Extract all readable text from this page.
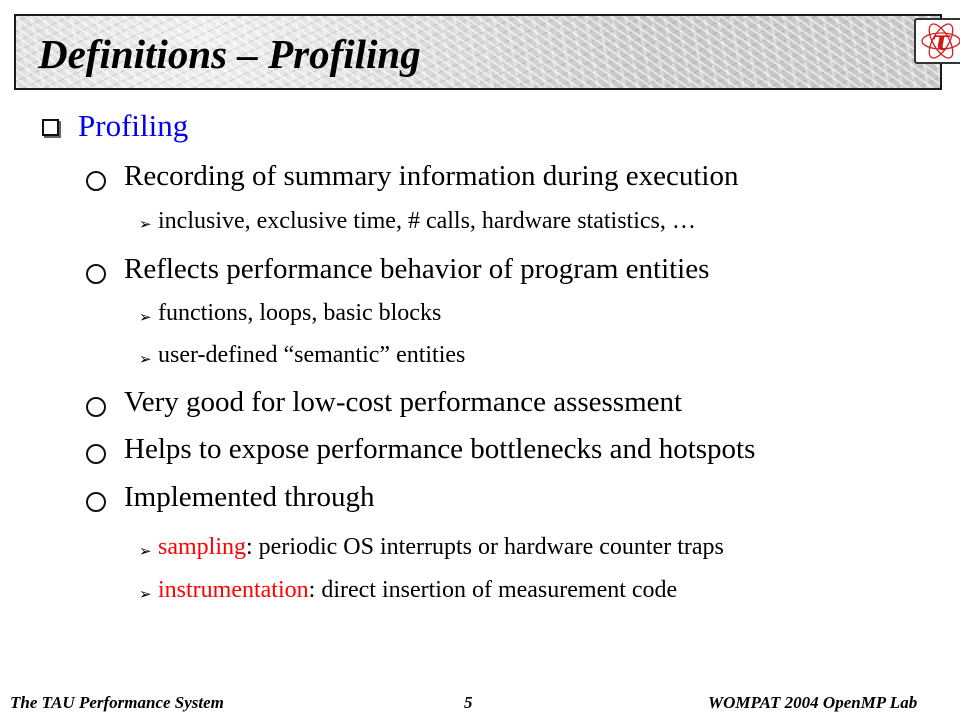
Definitions – Profiling	τ
Profiling
Recording of summary information during execution
➢ inclusive, exclusive time, # calls, hardware statistics, …
Reflects performance behavior of program entities
➢ functions, loops, basic blocks
➢ user-defined “semantic” entities
Very good for low-cost performance assessment
Helps to expose performance bottlenecks and hotspots
Implemented through
➢ sampling: periodic OS interrupts or hardware counter traps
➢ instrumentation: direct insertion of measurement code
The TAU Performance System	5	WOMPAT 2004 OpenMP Lab
